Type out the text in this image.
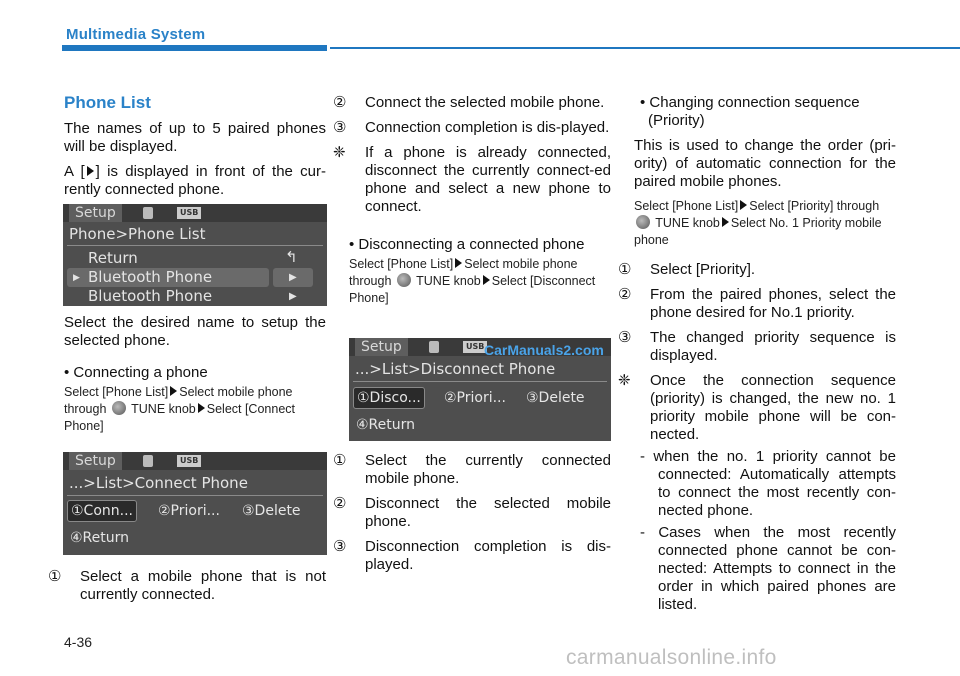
Multimedia System

Phone List

The names of up to 5 paired phones will be displayed.

A [ ] is displayed in front of the cur-rently connected phone.

Setup	USB
Phone>Phone List
Return	↰
▶ Bluetooth Phone	▶
Bluetooth Phone	▶

Select the desired name to setup the selected phone.

• Connecting a phone

Select [Phone List] Select mobile phone through TUNE knob Select [Connect Phone]

Setup	USB
...>List>Connect Phone
①Conn... ②Priori... ③Delete
④Return

① Select a mobile phone that is not currently connected.

② Connect the selected mobile phone.

③ Connection completion is dis-played.

❈ If a phone is already connected, disconnect the currently connect-ed phone and select a new phone to connect.

• Disconnecting a connected phone

Select [Phone List] Select mobile phone through TUNE knob Select [Disconnect Phone]

Setup	USB
...>List>Disconnect Phone
①Disco... ②Priori... ③Delete
④Return
CarManuals2.com

① Select the currently connected mobile phone.

② Disconnect the selected mobile phone.

③ Disconnection completion is dis-played.

• Changing connection sequence (Priority)

This is used to change the order (pri-ority) of automatic connection for the paired mobile phones.

Select [Phone List] Select [Priority] through  TUNE knob Select No. 1 Priority mobile phone

① Select [Priority].

② From the paired phones, select the phone desired for No.1 priority.

③ The changed priority sequence is displayed.

❈ Once the connection sequence (priority) is changed, the new no. 1 priority mobile phone will be con-nected.

- when the no. 1 priority cannot be connected: Automatically attempts to connect the most recently con-nected phone.

- Cases when the most recently connected phone cannot be con-nected: Attempts to connect in the order in which paired phones are listed.

4-36
carmanualsonline.info
